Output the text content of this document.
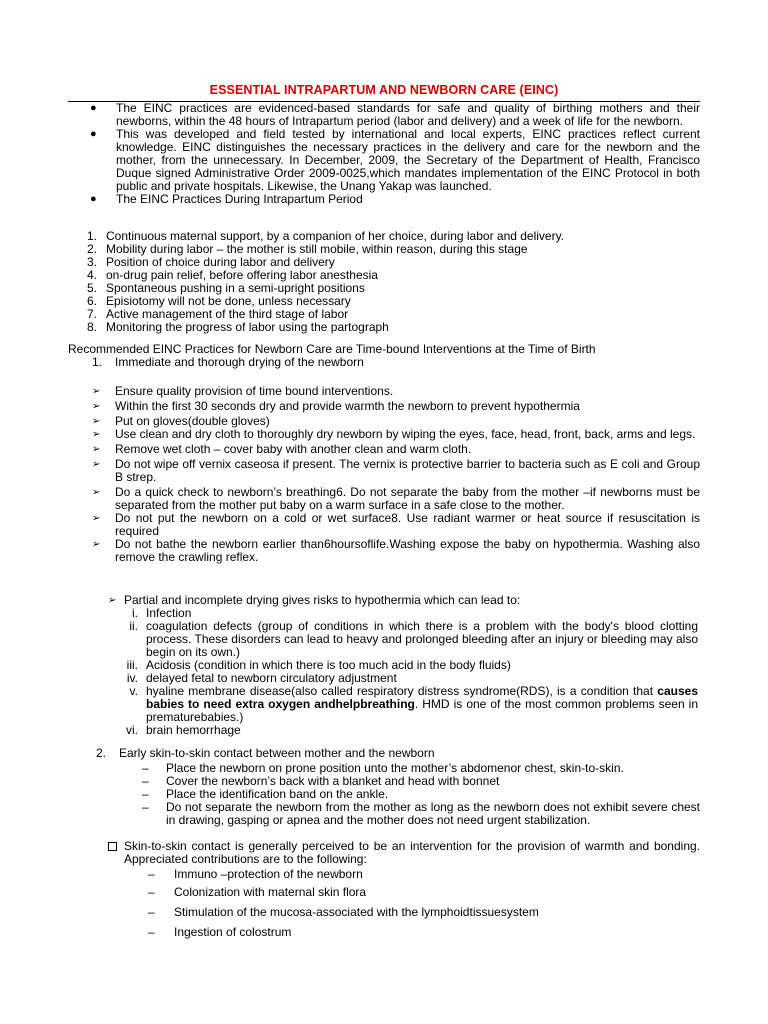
ESSENTIAL INTRAPARTUM AND NEWBORN CARE (EINC)
● The EINC practices are evidenced-based standards for safe and quality of birthing mothers and their newborns, within the 48 hours of Intrapartum period (labor and delivery) and a week of life for the newborn.
● This was developed and field tested by international and local experts, EINC practices reflect current knowledge. EINC distinguishes the necessary practices in the delivery and care for the newborn and the mother, from the unnecessary. In December, 2009, the Secretary of the Department of Health, Francisco Duque signed Administrative Order 2009-0025,which mandates implementation of the EINC Protocol in both public and private hospitals. Likewise, the Unang Yakap was launched.
● The EINC Practices During Intrapartum Period
1. Continuous maternal support, by a companion of her choice, during labor and delivery.
2. Mobility during labor – the mother is still mobile, within reason, during this stage
3. Position of choice during labor and delivery
4. on-drug pain relief, before offering labor anesthesia
5. Spontaneous pushing in a semi-upright positions
6. Episiotomy will not be done, unless necessary
7. Active management of the third stage of labor
8. Monitoring the progress of labor using the partograph
Recommended EINC Practices for Newborn Care are Time-bound Interventions at the Time of Birth
1.	Immediate and thorough drying of the newborn
➢ Ensure quality provision of time bound interventions.
➢ Within the first 30 seconds dry and provide warmth the newborn to prevent hypothermia
➢ Put on gloves(double gloves)
➢ Use clean and dry cloth to thoroughly dry newborn by wiping the eyes, face, head, front, back, arms and legs.
➢ Remove wet cloth – cover baby with another clean and warm cloth.
➢ Do not wipe off vernix caseosa if present. The vernix is protective barrier to bacteria such as E coli and Group B strep.
➢ Do a quick check to newborn’s breathing6. Do not separate the baby from the mother –if newborns must be separated from the mother put baby on a warm surface in a safe close to the mother.
➢ Do not put the newborn on a cold or wet surface8. Use radiant warmer or heat source if resuscitation is required
➢ Do not bathe the newborn earlier than6hoursoflife.Washing expose the baby on hypothermia. Washing also remove the crawling reflex.
➢ Partial and incomplete drying gives risks to hypothermia which can lead to:
i. Infection
ii. coagulation defects (group of conditions in which there is a problem with the body's blood clotting process. These disorders can lead to heavy and prolonged bleeding after an injury or bleeding may also begin on its own.)
iii. Acidosis (condition in which there is too much acid in the body fluids)
iv. delayed fetal to newborn circulatory adjustment
v. hyaline membrane disease(also called respiratory distress syndrome(RDS), is a condition that causes babies to need extra oxygen andhelpbreathing. HMD is one of the most common problems seen in prematurebabies.)
vi. brain hemorrhage
2.	Early skin-to-skin contact between mother and the newborn
– Place the newborn on prone position unto the mother’s abdomenor chest, skin-to-skin.
– Cover the newborn’s back with a blanket and head with bonnet
– Place the identification band on the ankle.
– Do not separate the newborn from the mother as long as the newborn does not exhibit severe chest in drawing, gasping or apnea and the mother does not need urgent stabilization.
Skin-to-skin contact is generally perceived to be an intervention for the provision of warmth and bonding. Appreciated contributions are to the following:
– Immuno –protection of the newborn
– Colonization with maternal skin flora
– Stimulation of the mucosa-associated with the lymphoidtissuesystem
– Ingestion of colostrum
